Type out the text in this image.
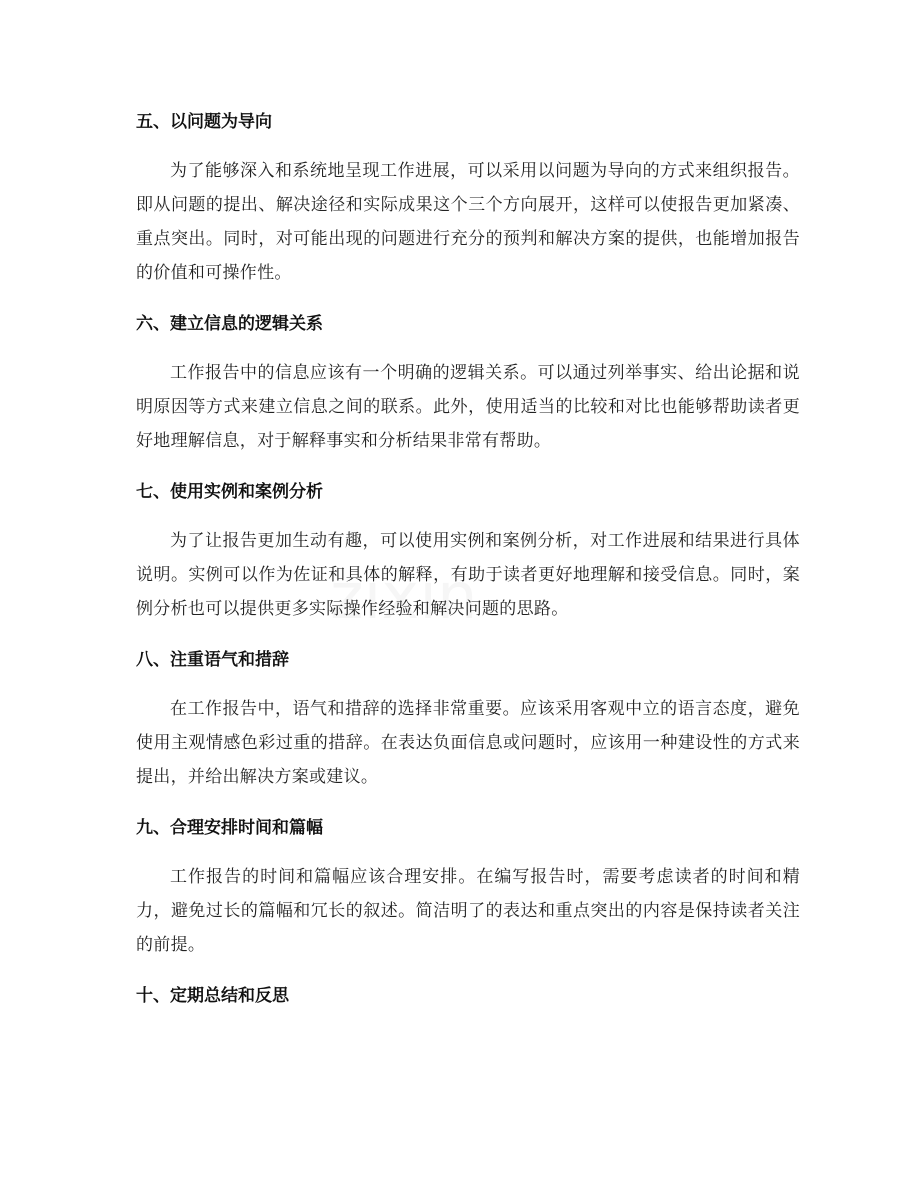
五、以问题为导向

为了能够深入和系统地呈现工作进展，可以采用以问题为导向的方式来组织报告。即从问题的提出、解决途径和实际成果这个三个方向展开，这样可以使报告更加紧凑、重点突出。同时，对可能出现的问题进行充分的预判和解决方案的提供，也能增加报告的价值和可操作性。

六、建立信息的逻辑关系

工作报告中的信息应该有一个明确的逻辑关系。可以通过列举事实、给出论据和说明原因等方式来建立信息之间的联系。此外，使用适当的比较和对比也能够帮助读者更好地理解信息，对于解释事实和分析结果非常有帮助。

七、使用实例和案例分析

为了让报告更加生动有趣，可以使用实例和案例分析，对工作进展和结果进行具体说明。实例可以作为佐证和具体的解释，有助于读者更好地理解和接受信息。同时，案例分析也可以提供更多实际操作经验和解决问题的思路。

八、注重语气和措辞

在工作报告中，语气和措辞的选择非常重要。应该采用客观中立的语言态度，避免使用主观情感色彩过重的措辞。在表达负面信息或问题时，应该用一种建设性的方式来提出，并给出解决方案或建议。

九、合理安排时间和篇幅

工作报告的时间和篇幅应该合理安排。在编写报告时，需要考虑读者的时间和精力，避免过长的篇幅和冗长的叙述。简洁明了的表达和重点突出的内容是保持读者关注的前提。

十、定期总结和反思
